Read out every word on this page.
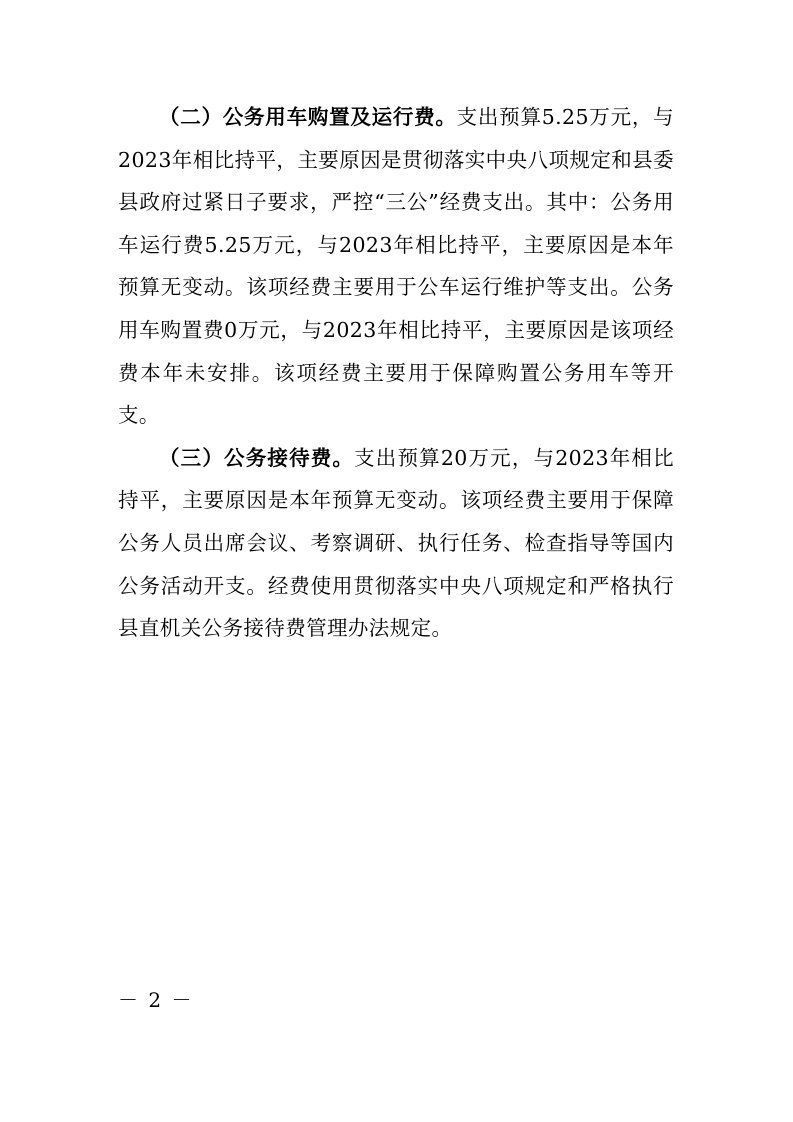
（二）公务用车购置及运行费。支出预算5.25万元，与2023年相比持平，主要原因是贯彻落实中央八项规定和县委县政府过紧日子要求，严控“三公”经费支出。其中：公务用车运行费5.25万元，与2023年相比持平，主要原因是本年预算无变动。该项经费主要用于公车运行维护等支出。公务用车购置费0万元，与2023年相比持平，主要原因是该项经费本年未安排。该项经费主要用于保障购置公务用车等开支。

（三）公务接待费。支出预算20万元，与2023年相比持平，主要原因是本年预算无变动。该项经费主要用于保障公务人员出席会议、考察调研、执行任务、检查指导等国内公务活动开支。经费使用贯彻落实中央八项规定和严格执行县直机关公务接待费管理办法规定。

－ 2 －
